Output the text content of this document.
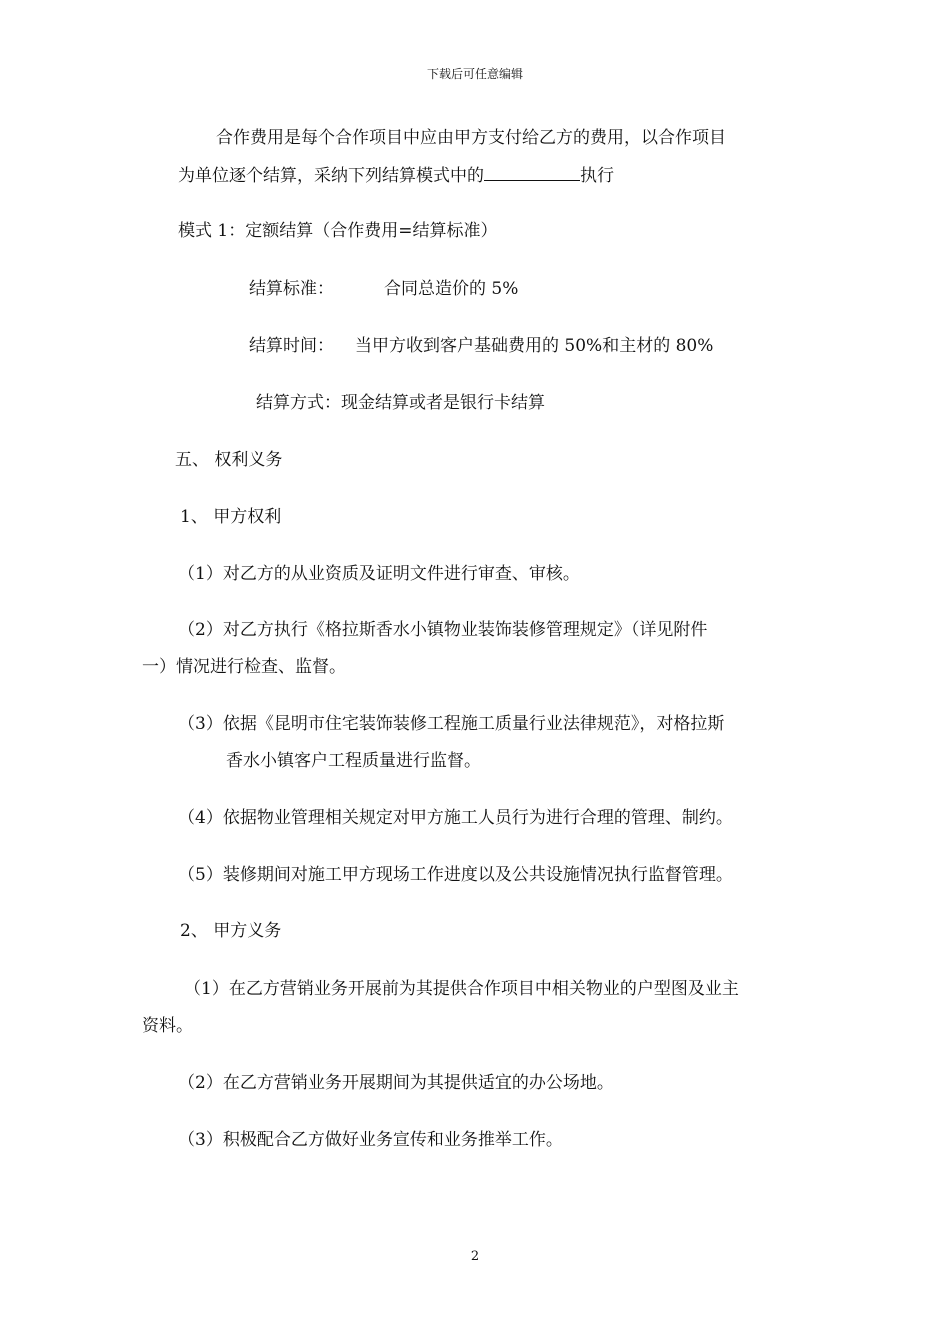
下载后可任意编辑
合作费用是每个合作项目中应由甲方支付给乙方的费用，以合作项目
为单位逐个结算，采纳下列结算模式中的	执行
模式 1：定额结算（合作费用=结算标准）
结算标准：	合同总造价的 5%
结算时间： 当甲方收到客户基础费用的 50%和主材的 80%
结算方式：现金结算或者是银行卡结算
五、 权利义务
1、 甲方权利
（1）对乙方的从业资质及证明文件进行审查、审核。
（2）对乙方执行《格拉斯香水小镇物业装饰装修管理规定》（详见附件
一）情况进行检查、监督。
（3）依据《昆明市住宅装饰装修工程施工质量行业法律规范》，对格拉斯
香水小镇客户工程质量进行监督。
（4）依据物业管理相关规定对甲方施工人员行为进行合理的管理、制约。
（5）装修期间对施工甲方现场工作进度以及公共设施情况执行监督管理。
2、 甲方义务
（1）在乙方营销业务开展前为其提供合作项目中相关物业的户型图及业主
资料。
（2）在乙方营销业务开展期间为其提供适宜的办公场地。
（3）积极配合乙方做好业务宣传和业务推举工作。
2
